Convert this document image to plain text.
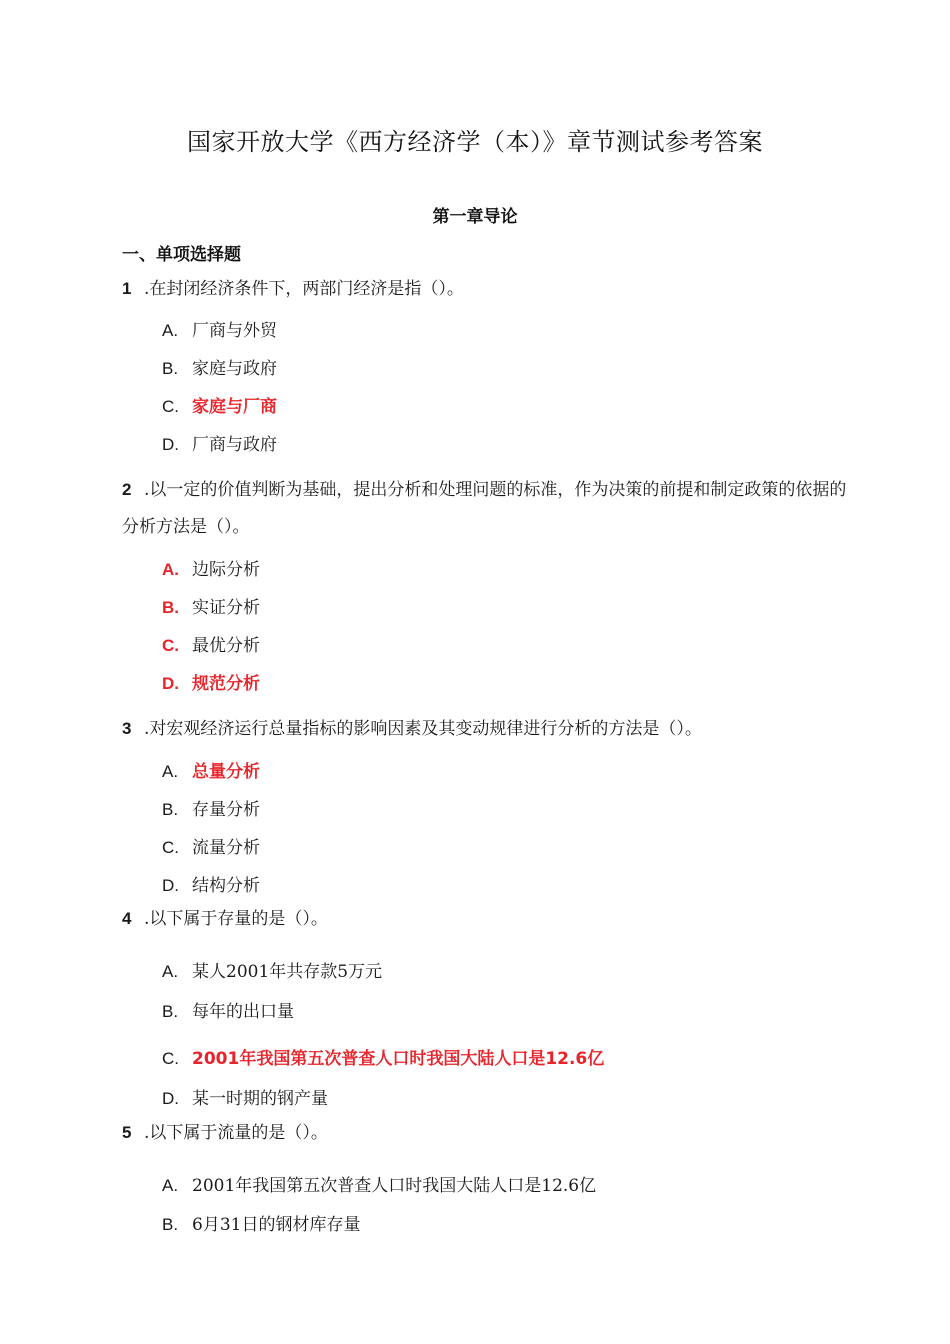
国家开放大学《西方经济学（本）》章节测试参考答案
第一章导论
一、单项选择题
1 .在封闭经济条件下，两部门经济是指（）。
A. 厂商与外贸
B. 家庭与政府
C. 家庭与厂商
D. 厂商与政府
2 .以一定的价值判断为基础，提出分析和处理问题的标准，作为决策的前提和制定政策的依据的分析方法是（）。
A. 边际分析
B. 实证分析
C. 最优分析
D. 规范分析
3 .对宏观经济运行总量指标的影响因素及其变动规律进行分析的方法是（）。
A. 总量分析
B. 存量分析
C. 流量分析
D. 结构分析
4 .以下属于存量的是（）。
A. 某人2001年共存款5万元
B. 每年的出口量
C. 2001年我国第五次普查人口时我国大陆人口是12.6亿
D. 某一时期的钢产量
5 .以下属于流量的是（）。
A. 2001年我国第五次普查人口时我国大陆人口是12.6亿
B. 6月31日的钢材库存量
